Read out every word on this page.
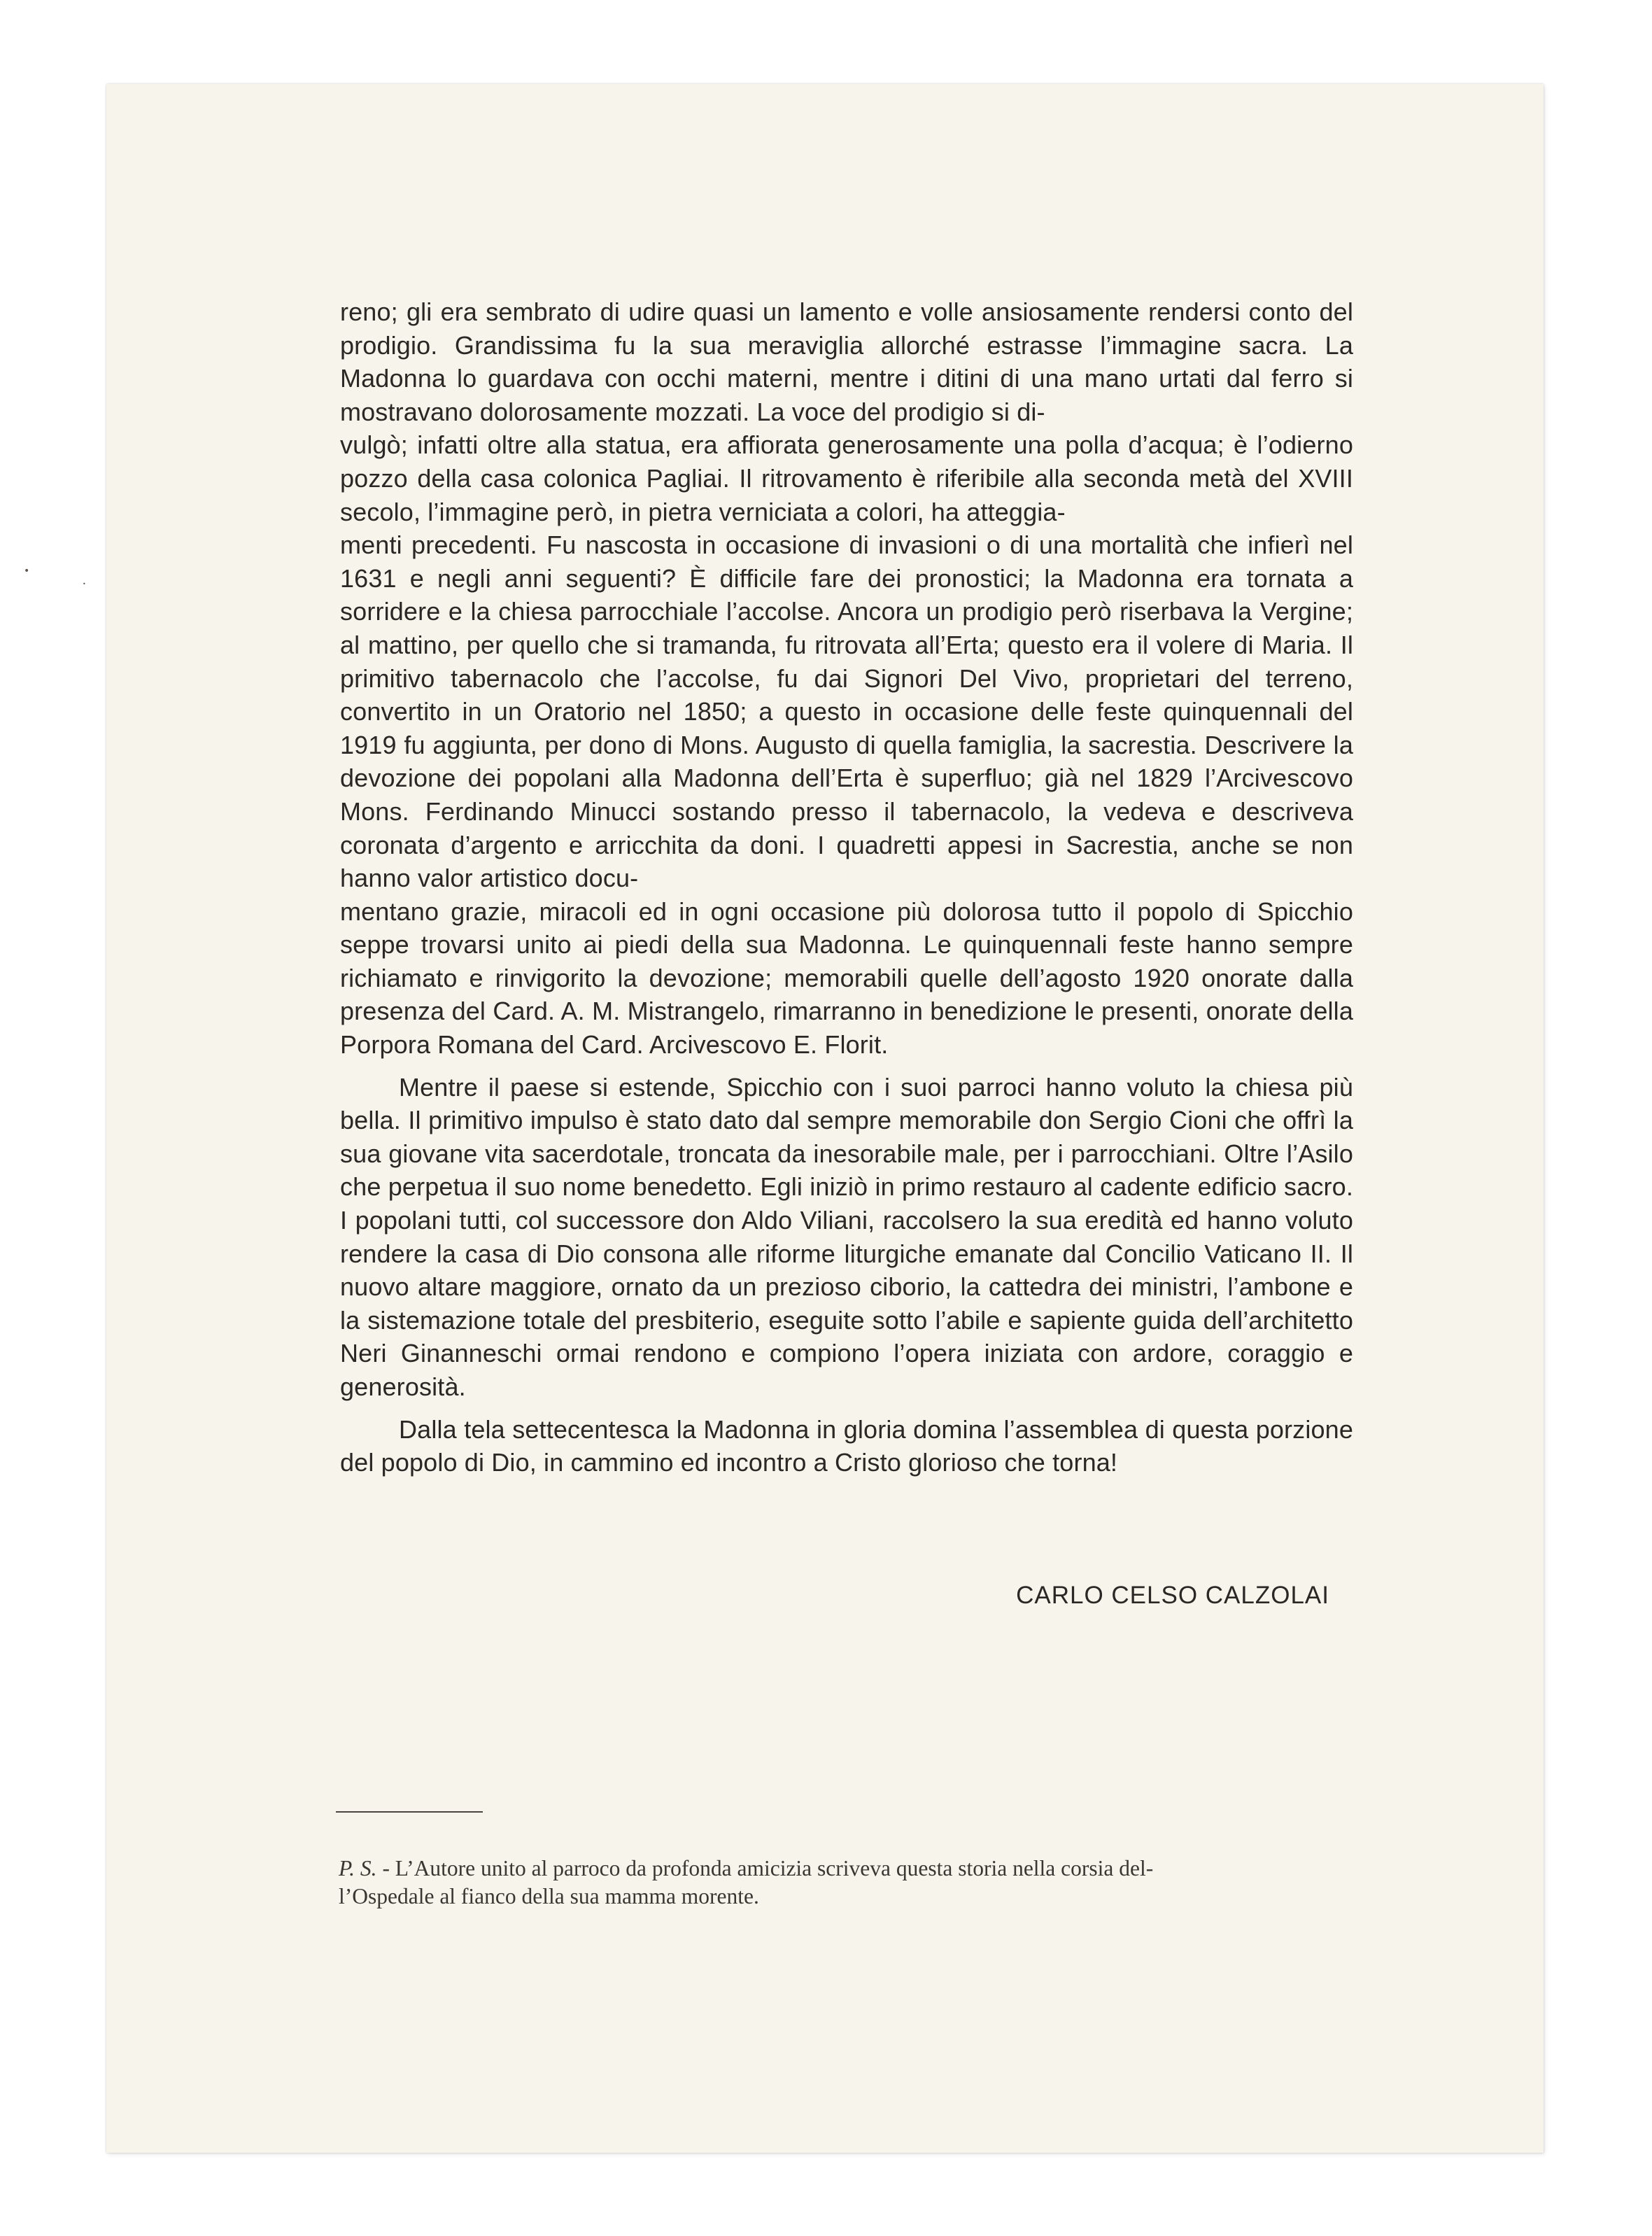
•
•

reno; gli era sembrato di udire quasi un lamento e volle ansiosamente rendersi conto del prodigio. Grandissima fu la sua meraviglia allorché estrasse l’immagine sacra. La Madonna lo guardava con occhi materni, mentre i ditini di una mano urtati dal ferro si mostravano dolorosamente mozzati. La voce del prodigio si di-
vulgò; infatti oltre alla statua, era affiorata generosamente una polla d’acqua; è l’odierno pozzo della casa colonica Pagliai. Il ritrovamento è riferibile alla seconda metà del XVIII secolo, l’immagine però, in pietra verniciata a colori, ha atteggia-
menti precedenti. Fu nascosta in occasione di invasioni o di una mortalità che infierì nel 1631 e negli anni seguenti? È difficile fare dei pronostici; la Madonna era tornata a sorridere e la chiesa parrocchiale l’accolse. Ancora un prodigio però riserbava la Vergine; al mattino, per quello che si tramanda, fu ritrovata all’Erta; questo era il volere di Maria. Il primitivo tabernacolo che l’accolse, fu dai Signori Del Vivo, proprietari del terreno, convertito in un Oratorio nel 1850; a questo in occasione delle feste quinquennali del 1919 fu aggiunta, per dono di Mons. Augusto di quella famiglia, la sacrestia. Descrivere la devozione dei popolani alla Madonna dell’Erta è superfluo; già nel 1829 l’Arcivescovo Mons. Ferdinando Minucci sostando presso il tabernacolo, la vedeva e descriveva coronata d’argento e arricchita da doni. I quadretti appesi in Sacrestia, anche se non hanno valor artistico docu-
mentano grazie, miracoli ed in ogni occasione più dolorosa tutto il popolo di Spicchio seppe trovarsi unito ai piedi della sua Madonna. Le quinquennali feste hanno sempre richiamato e rinvigorito la devozione; memorabili quelle dell’agosto 1920 onorate dalla presenza del Card. A. M. Mistrangelo, rimarranno in benedizione le presenti, onorate della Porpora Romana del Card. Arcivescovo E. Florit.

Mentre il paese si estende, Spicchio con i suoi parroci hanno voluto la chiesa più bella. Il primitivo impulso è stato dato dal sempre memorabile don Sergio Cioni che offrì la sua giovane vita sacerdotale, troncata da inesorabile male, per i parrocchiani. Oltre l’Asilo che perpetua il suo nome benedetto. Egli iniziò in primo restauro al cadente edificio sacro. I popolani tutti, col successore don Aldo Viliani, raccolsero la sua eredità ed hanno voluto rendere la casa di Dio consona alle riforme liturgiche emanate dal Concilio Vaticano II. Il nuovo altare maggiore, ornato da un prezioso ciborio, la cattedra dei ministri, l’ambone e la sistemazione totale del presbiterio, eseguite sotto l’abile e sapiente guida dell’architetto Neri Ginanneschi ormai rendono e compiono l’opera iniziata con ardore, coraggio e generosità.

Dalla tela settecentesca la Madonna in gloria domina l’assemblea di questa porzione del popolo di Dio, in cammino ed incontro a Cristo glorioso che torna!

CARLO CELSO CALZOLAI
P. S. - L’Autore unito al parroco da profonda amicizia scriveva questa storia nella corsia del-
l’Ospedale al fianco della sua mamma morente.
